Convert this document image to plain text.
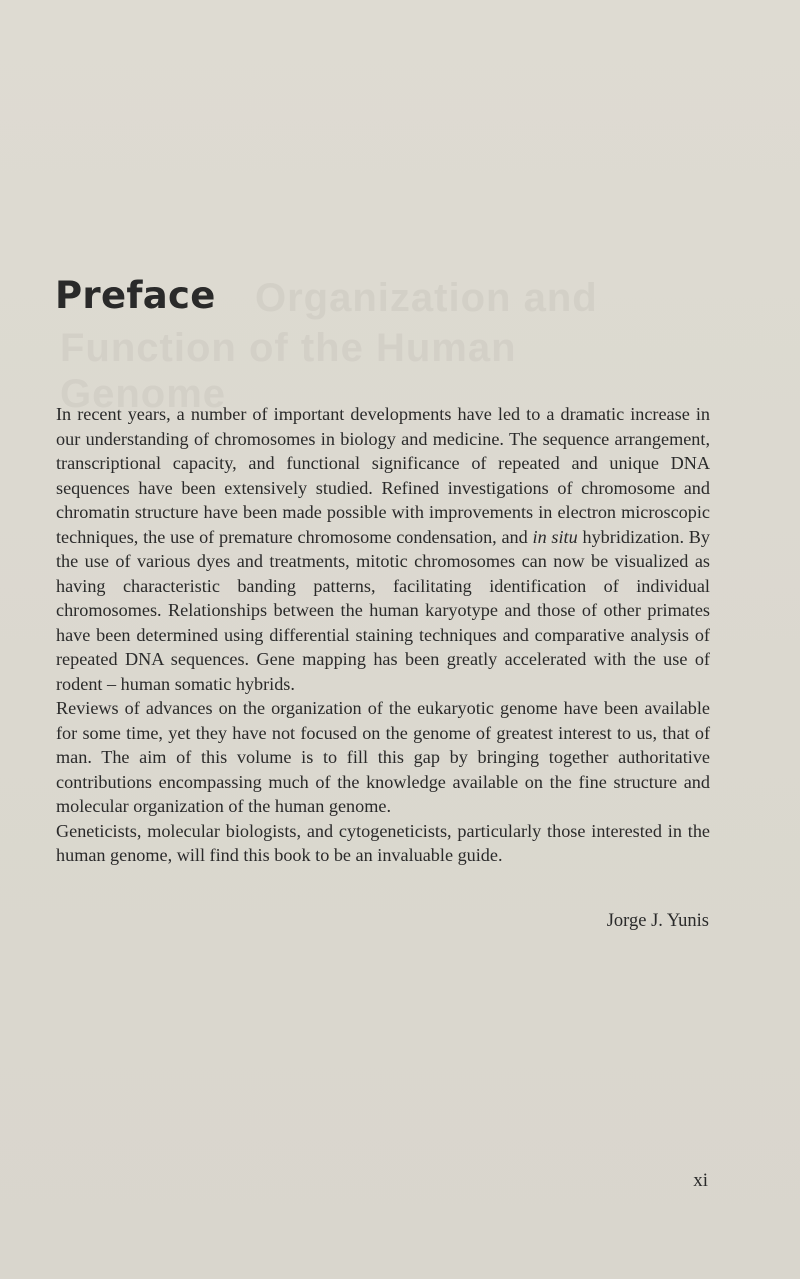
Organization and
Function of the Human
Genome
Preface

In recent years, a number of important developments have led to a dramatic increase in our understanding of chromosomes in biology and medicine. The sequence arrangement, transcriptional capacity, and functional significance of repeated and unique DNA sequences have been extensively studied. Refined investigations of chromosome and chromatin structure have been made possible with improvements in electron microscopic techniques, the use of premature chromosome condensation, and in situ hybridization. By the use of various dyes and treatments, mitotic chromosomes can now be visualized as having characteristic banding patterns, facilitating identification of individual chromosomes. Relationships between the human karyotype and those of other primates have been determined using differential staining techniques and comparative analysis of repeated DNA sequences. Gene mapping has been greatly accelerated with the use of rodent – human somatic hybrids.

Reviews of advances on the organization of the eukaryotic genome have been available for some time, yet they have not focused on the genome of greatest interest to us, that of man. The aim of this volume is to fill this gap by bringing together authoritative contributions encompassing much of the knowledge available on the fine structure and molecular organization of the human genome.

Geneticists, molecular biologists, and cytogeneticists, particularly those interested in the human genome, will find this book to be an invaluable guide.

Jorge J. Yunis
xi
